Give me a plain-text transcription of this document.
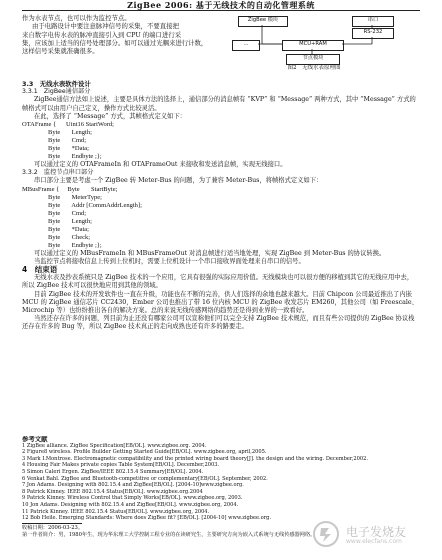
ZigBee 2006: 基于无线技术的自动化管理系统
作为水表节点，也可以作为监控节点。
由于电路设计中要注意脉冲信号的采集，不要直接把
来自数字电传水表的脉冲直接引入到 CPU 的端口进行采
集，应该加上适当的信号处理部分。如可以通过光耦来进行计数，
这样信号采集就准确很多。
ZigBee 模块	串口
RS-232
MCU+RAM
...
节点模块
图2　无线水表原理图

3.3　无线水表软件设计

3.3.1　ZigBee通信部分

ZigBee通信方法如上说述，主要是具体方法的选择上，通信部分的消息帧有 “KVP” 和 “Message” 两种方式，其中 “Message” 方式的帧格式可以由用户自己定义，操作方式比较灵活。

在此，选择了 “Message” 方式，其帧格式定义如下：

OTAFrame {      Uint16 StartWord;
Byte       Length;
Byte       Cmd;
Byte       *Data;
Byte       Endbyte ;};

可以通过定义的 OTAFrameIn 和 OTAFrameOut 来接收和发送消息帧，实现无线接口。

3.3.2　监控节点串口部分

串口部分主要是考虑一个 ZigBee 转 Meter-Bus 的问题，为了兼容 Meter-Bus，将帧格式定义如下：

MBusFrame {     Byte       StartByte;
Byte       MeterType;
Byte       Addr [CommAddrLength];
Byte       Cmd;
Byte       Length;
Byte       *Data;
Byte       Check;
Byte       Endbyte ;};

可以通过定义的 MBusFrameIn 和 MBusFrameOut 对消息帧进行适当地处理，实现 ZigBee 到 Meter-Bus 的协议转换。

当监控节点将接收信息上传到上位机时，需要上位机设计一个串口接收界面处理来自串口的信号。

4　结束语

无线水表及抄表系统只是 ZigBee 技术的一个应用，它具有很强的实际应用价值。无线模块也可以很方便的移植到其它的无线应用中去，所以 ZigBee 技术可以很快地应用到其他的领域。

目前 ZigBee 技术的开发软件也一直在升级，功能也在不断的完善，供人们选择的余地也越来越大。目前 Chipcon 公司最近推出了内嵌 MCU 的 ZigBee 通信芯片 CC2430，Ember 公司也推出了带 16 位内核 MCU 的 ZigBee 收发芯片 EM260，其他公司（如 Freescale、Microchip 等）也纷纷推出各自的解决方案。总的来说无线传感网络的趋势还是得到业界的一致看好。

当然还存在许多的问题，列目前为止还没有哪家公司可以宣称他们可以完全支持 ZigBee 技术规范，而且有些公司提供的 ZigBee 协议栈还存在许多的 Bug 等，所以 ZigBee 技术真正的走向成熟也还有许多的路要走。

参考文献
1 ZigBee alliance. ZigBee Specification[EB/OL]. www.zigbee.org. 2004.
2 Figure8 wireless. Profile Builder Getting Started Guide[EB/OL]. www.zigbee.org, april,2005.
3 Mark I.Montrose. Electromagnetic compatibility and the printed wiring board theory[J]. the design and the wiring. December,2002.
4 Housing Fair Makes private copies Table System[EB/OL]. December,2003.
5 Simon Caleri Ergen. ZigBee/IEEE 802.15.4 Summary[EB/OL]. 2004.
6 Venkat Bahl. ZigBee and Bluetooth-competitive or complementary[EB/OL]. September, 2002.
7 Jon Adams. Designing with 802.15.4 and ZigBee[EB/OL]. [2004-10]www.zigbee.org.
8 Patrick Kinney. IEEE 802.15.4 Status[EB/OL]. www.zigbee.org.2004
9 Patrick Kinney. Wireless Control that Simply Works[EB/OL]. www.zigbee.org, 2003.
10 Jon Adams. Designing with 802.15.4 and ZigBee[EB/OL]. www.zigbee.org, 2004.
11 Patrick Kinney. IEEE 802.15.4 Status[EB/OL]. www.zigbee.org, 2004.
12 Bob Heile. Emerging Standards: Where does ZigBee fit? [EB/OL]. [2004-10] www.zigbee.org.
收稿日期：2006-03-23。
第一作者简介：男，1980年生，现为华东理工大学控制工程专业的在读研究生，主要研究方向为嵌入式系统与无线传感器网络。	电子发烧友
www.elecfans.com
